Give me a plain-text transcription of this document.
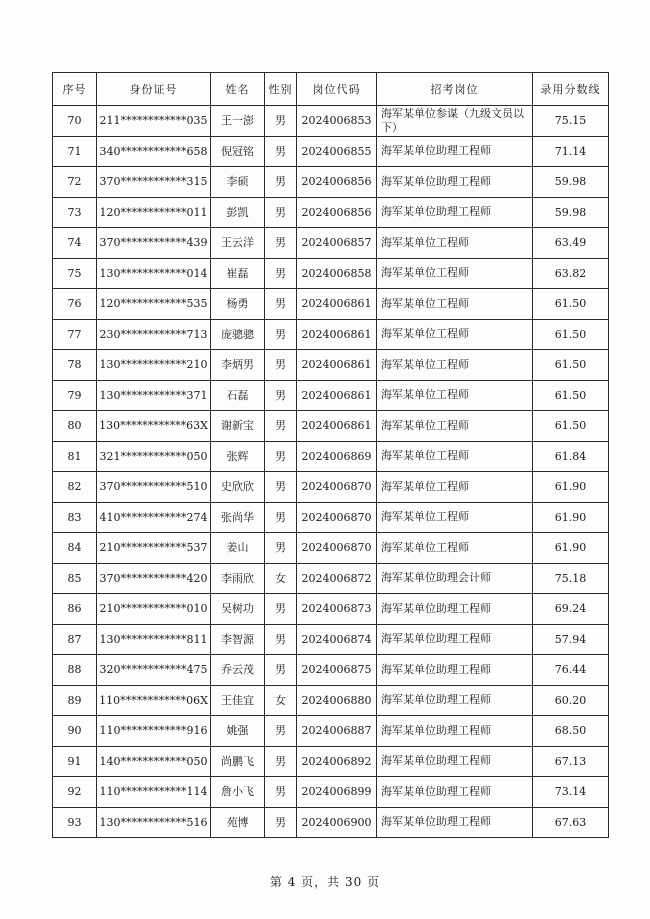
序号	身份证号	姓名	性别	岗位代码	招考岗位	录用分数线
70	211************035	王一澎	男	2024006853	海军某单位参谋（九级文员以下）	75.15
71	340************658	倪冠铭	男	2024006855	海军某单位助理工程师	71.14
72	370************315	李硕	男	2024006856	海军某单位助理工程师	59.98
73	120************011	彭凯	男	2024006856	海军某单位助理工程师	59.98
74	370************439	王云洋	男	2024006857	海军某单位工程师	63.49
75	130************014	崔磊	男	2024006858	海军某单位工程师	63.82
76	120************535	杨勇	男	2024006861	海军某单位工程师	61.50
77	230************713	庞骢骢	男	2024006861	海军某单位工程师	61.50
78	130************210	李炳男	男	2024006861	海军某单位工程师	61.50
79	130************371	石磊	男	2024006861	海军某单位工程师	61.50
80	130************63X	谢新宝	男	2024006861	海军某单位工程师	61.50
81	321************050	张辉	男	2024006869	海军某单位工程师	61.84
82	370************510	史欣欣	男	2024006870	海军某单位工程师	61.90
83	410************274	张尚华	男	2024006870	海军某单位工程师	61.90
84	210************537	姜山	男	2024006870	海军某单位工程师	61.90
85	370************420	李雨欣	女	2024006872	海军某单位助理会计师	75.18
86	210************010	吴树功	男	2024006873	海军某单位助理工程师	69.24
87	130************811	李智源	男	2024006874	海军某单位助理工程师	57.94
88	320************475	乔云茂	男	2024006875	海军某单位助理工程师	76.44
89	110************06X	王佳宜	女	2024006880	海军某单位助理工程师	60.20
90	110************916	姚强	男	2024006887	海军某单位助理工程师	68.50
91	140************050	尚鹏飞	男	2024006892	海军某单位助理工程师	67.13
92	110************114	詹小飞	男	2024006899	海军某单位助理工程师	73.14
93	130************516	苑博	男	2024006900	海军某单位助理工程师	67.63
第 4 页，共 30 页
